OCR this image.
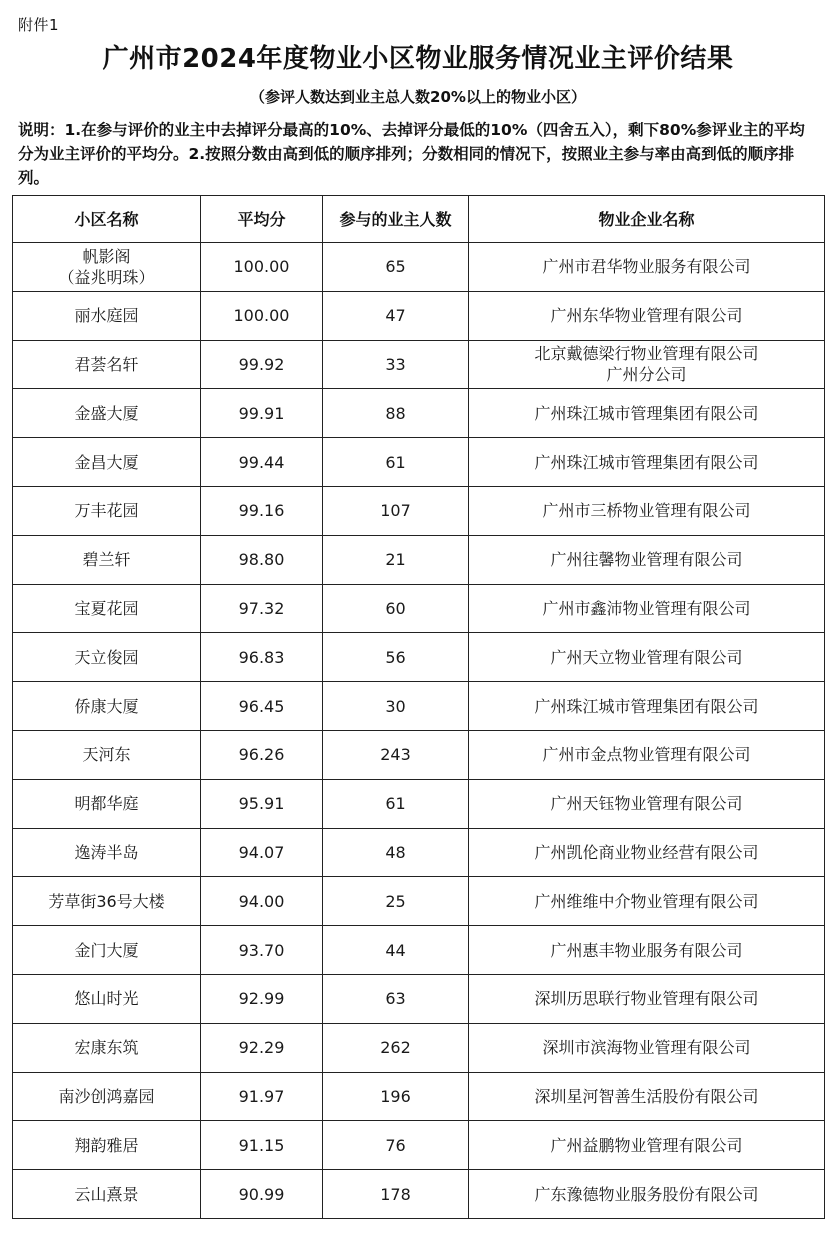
附件1
广州市2024年度物业小区物业服务情况业主评价结果
（参评人数达到业主总人数20%以上的物业小区）
说明：1.在参与评价的业主中去掉评分最高的10%、去掉评分最低的10%（四舍五入），剩下80%参评业主的平均分为业主评价的平均分。2.按照分数由高到低的顺序排列；分数相同的情况下，按照业主参与率由高到低的顺序排列。
小区名称	平均分	参与的业主人数	物业企业名称
帆影阁
（益兆明珠）	100.00	65	广州市君华物业服务有限公司
丽水庭园	100.00	47	广州东华物业管理有限公司
君荟名轩	99.92	33	北京戴德梁行物业管理有限公司
广州分公司
金盛大厦	99.91	88	广州珠江城市管理集团有限公司
金昌大厦	99.44	61	广州珠江城市管理集团有限公司
万丰花园	99.16	107	广州市三桥物业管理有限公司
碧兰轩	98.80	21	广州往馨物业管理有限公司
宝夏花园	97.32	60	广州市鑫沛物业管理有限公司
天立俊园	96.83	56	广州天立物业管理有限公司
侨康大厦	96.45	30	广州珠江城市管理集团有限公司
天河东	96.26	243	广州市金点物业管理有限公司
明都华庭	95.91	61	广州天钰物业管理有限公司
逸涛半岛	94.07	48	广州凯伦商业物业经营有限公司
芳草街36号大楼	94.00	25	广州维维中介物业管理有限公司
金门大厦	93.70	44	广州惠丰物业服务有限公司
悠山时光	92.99	63	深圳历思联行物业管理有限公司
宏康东筑	92.29	262	深圳市滨海物业管理有限公司
南沙创鸿嘉园	91.97	196	深圳星河智善生活股份有限公司
翔韵雅居	91.15	76	广州益鹏物业管理有限公司
云山熹景	90.99	178	广东豫德物业服务股份有限公司
